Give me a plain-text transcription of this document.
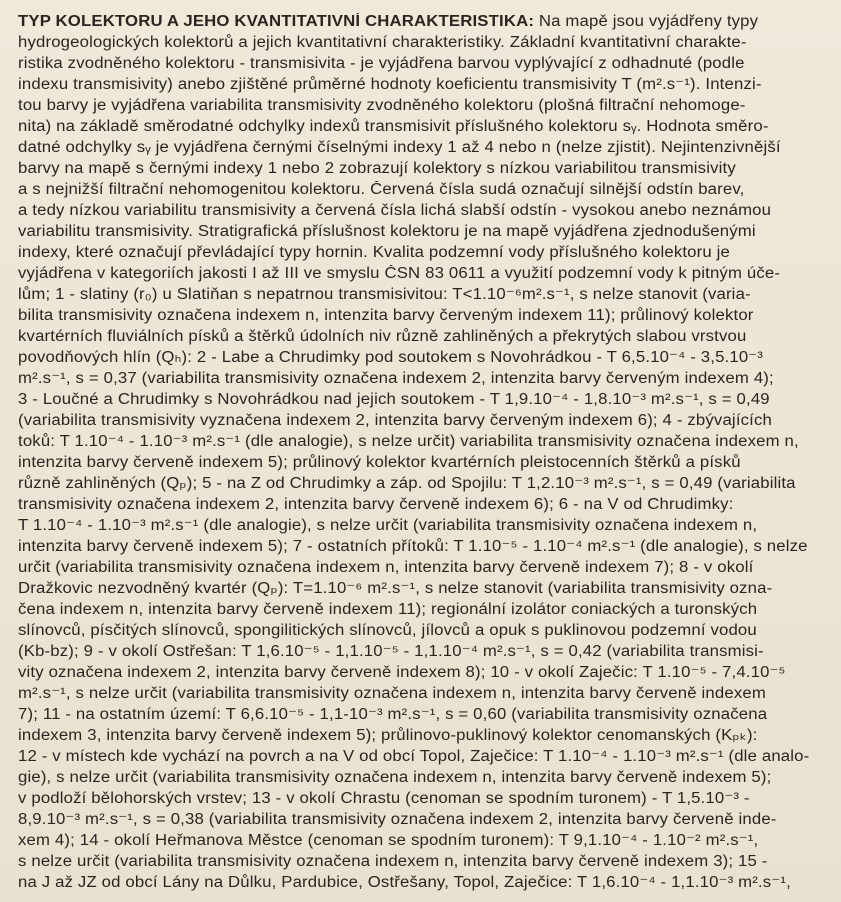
TYP KOLEKTORU A JEHO KVANTITATIVNÍ CHARAKTERISTIKA: Na mapě jsou vyjádřeny typy
hydrogeologických kolektorů a jejich kvantitativní charakteristiky. Základní kvantitativní charakte-
ristika zvodněného kolektoru - transmisivita - je vyjádřena barvou vyplývající z odhadnuté (podle
indexu transmisivity) anebo zjištěné průměrné hodnoty koeficientu transmisivity T (m².s⁻¹). Intenzi-
tou barvy je vyjádřena variabilita transmisivity zvodněného kolektoru (plošná filtrační nehomoge-
nita) na základě směrodatné odchylky indexů transmisivit příslušného kolektoru sᵧ. Hodnota směro-
datné odchylky sᵧ je vyjádřena černými číselnými indexy 1 až 4 nebo n (nelze zjistit). Nejintenzivnější
barvy na mapě s černými indexy 1 nebo 2 zobrazují kolektory s nízkou variabilitou transmisivity
a s nejnižší filtrační nehomogenitou kolektoru. Červená čísla sudá označují silnější odstín barev,
a tedy nízkou variabilitu transmisivity a červená čísla lichá slabší odstín - vysokou anebo neznámou
variabilitu transmisivity. Stratigrafická příslušnost kolektoru je na mapě vyjádřena zjednodušenými
indexy, které označují převládající typy hornin. Kvalita podzemní vody příslušného kolektoru je
vyjádřena v kategoriích jakosti I až III ve smyslu ČSN 83 0611 a využití podzemní vody k pitným úče-
lům; 1 - slatiny (r₀) u Slatiňan s nepatrnou transmisivitou: T<1.10⁻⁶m².s⁻¹, s nelze stanovit (varia-
bilita transmisivity označena indexem n, intenzita barvy červeným indexem 11); průlinový kolektor
kvartérních fluviálních písků a štěrků údolních niv různě zahliněných a překrytých slabou vrstvou
povodňových hlín (Qₕ): 2 - Labe a Chrudimky pod soutokem s Novohrádkou - T 6,5.10⁻⁴ - 3,5.10⁻³
m².s⁻¹, s = 0,37 (variabilita transmisivity označena indexem 2, intenzita barvy červeným indexem 4);
3 - Loučné a Chrudimky s Novohrádkou nad jejich soutokem - T 1,9.10⁻⁴ - 1,8.10⁻³ m².s⁻¹, s = 0,49
(variabilita transmisivity vyznačena indexem 2, intenzita barvy červeným indexem 6); 4 - zbývajících
toků: T 1.10⁻⁴ - 1.10⁻³ m².s⁻¹ (dle analogie), s nelze určit) variabilita transmisivity označena indexem n,
intenzita barvy červeně indexem 5); průlinový kolektor kvartérních pleistocenních štěrků a písků
různě zahliněných (Qₚ); 5 - na Z od Chrudimky a záp. od Spojilu: T 1,2.10⁻³ m².s⁻¹, s = 0,49 (variabilita
transmisivity označena indexem 2, intenzita barvy červeně indexem 6); 6 - na V od Chrudimky:
T 1.10⁻⁴ - 1.10⁻³ m².s⁻¹ (dle analogie), s nelze určit (variabilita transmisivity označena indexem n,
intenzita barvy červeně indexem 5); 7 - ostatních přítoků: T 1.10⁻⁵ - 1.10⁻⁴ m².s⁻¹ (dle analogie), s nelze
určit (variabilita transmisivity označena indexem n, intenzita barvy červeně indexem 7); 8 - v okolí
Dražkovic nezvodněný kvartér (Qₚ): T=1.10⁻⁶ m².s⁻¹, s nelze stanovit (variabilita transmisivity ozna-
čena indexem n, intenzita barvy červeně indexem 11); regionální izolátor coniackých a turonských
slínovců, písčitých slínovců, spongilitických slínovců, jílovců a opuk s puklinovou podzemní vodou
(Kb-bz); 9 - v okolí Ostřešan: T 1,6.10⁻⁵ - 1,1.10⁻⁵ - 1,1.10⁻⁴ m².s⁻¹, s = 0,42 (variabilita transmisi-
vity označena indexem 2, intenzita barvy červeně indexem 8); 10 - v okolí Zaječic: T 1.10⁻⁵ - 7,4.10⁻⁵
m².s⁻¹, s nelze určit (variabilita transmisivity označena indexem n, intenzita barvy červeně indexem
7); 11 - na ostatním území: T 6,6.10⁻⁵ - 1,1-10⁻³ m².s⁻¹, s = 0,60 (variabilita transmisivity označena
indexem 3, intenzita barvy červeně indexem 5); průlinovo-puklinový kolektor cenomanských (Kₚₖ):
12 - v místech kde vychází na povrch a na V od obcí Topol, Zaječice: T 1.10⁻⁴ - 1.10⁻³ m².s⁻¹ (dle analo-
gie), s nelze určit (variabilita transmisivity označena indexem n, intenzita barvy červeně indexem 5);
v podloží bělohorských vrstev; 13 - v okolí Chrastu (cenoman se spodním turonem) - T 1,5.10⁻³ -
8,9.10⁻³ m².s⁻¹, s = 0,38 (variabilita transmisivity označena indexem 2, intenzita barvy červeně inde-
xem 4); 14 - okolí Heřmanova Městce (cenoman se spodním turonem): T 9,1.10⁻⁴ - 1.10⁻² m².s⁻¹,
s nelze určit (variabilita transmisivity označena indexem n, intenzita barvy červeně indexem 3); 15 -
na J až JZ od obcí Lány na Důlku, Pardubice, Ostřešany, Topol, Zaječice: T 1,6.10⁻⁴ - 1,1.10⁻³ m².s⁻¹,
